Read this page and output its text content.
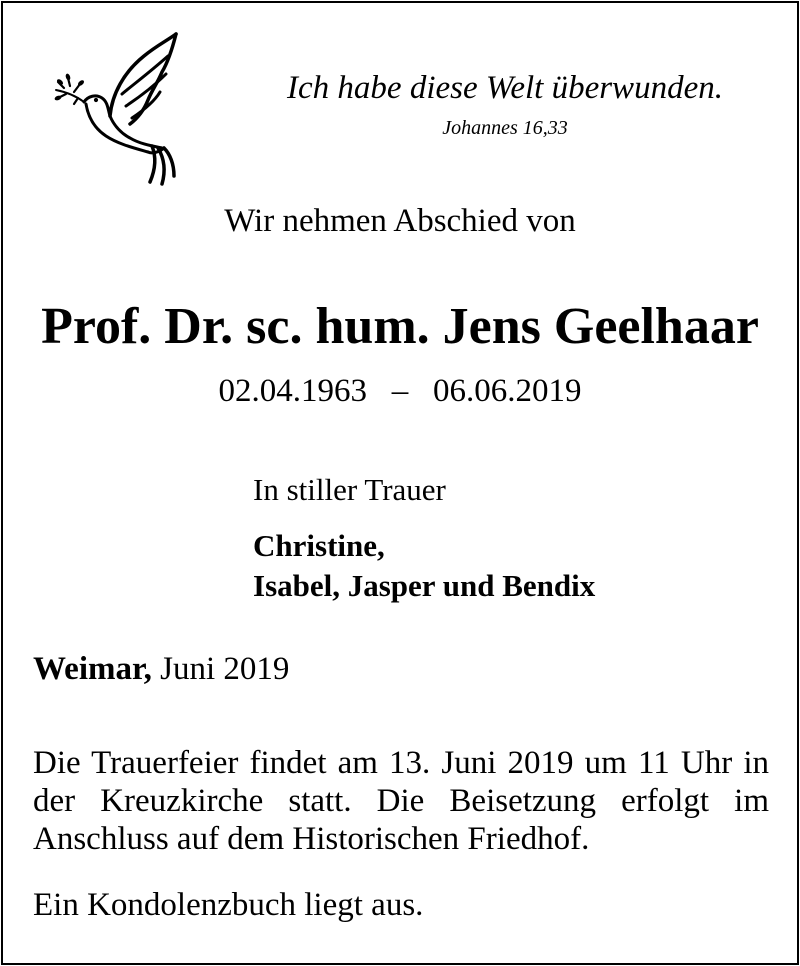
Ich habe diese Welt überwunden.
Johannes 16,33
Wir nehmen Abschied von
Prof. Dr. sc. hum. Jens Geelhaar
02.04.1963   –   06.06.2019
In stiller Trauer
Christine,
Isabel, Jasper und Bendix
Weimar, Juni 2019
Die Trauerfeier findet am 13. Juni 2019 um 11 Uhr in der Kreuzkirche statt. Die Beisetzung erfolgt im Anschluss auf dem Historischen Friedhof.
Ein Kondolenzbuch liegt aus.
